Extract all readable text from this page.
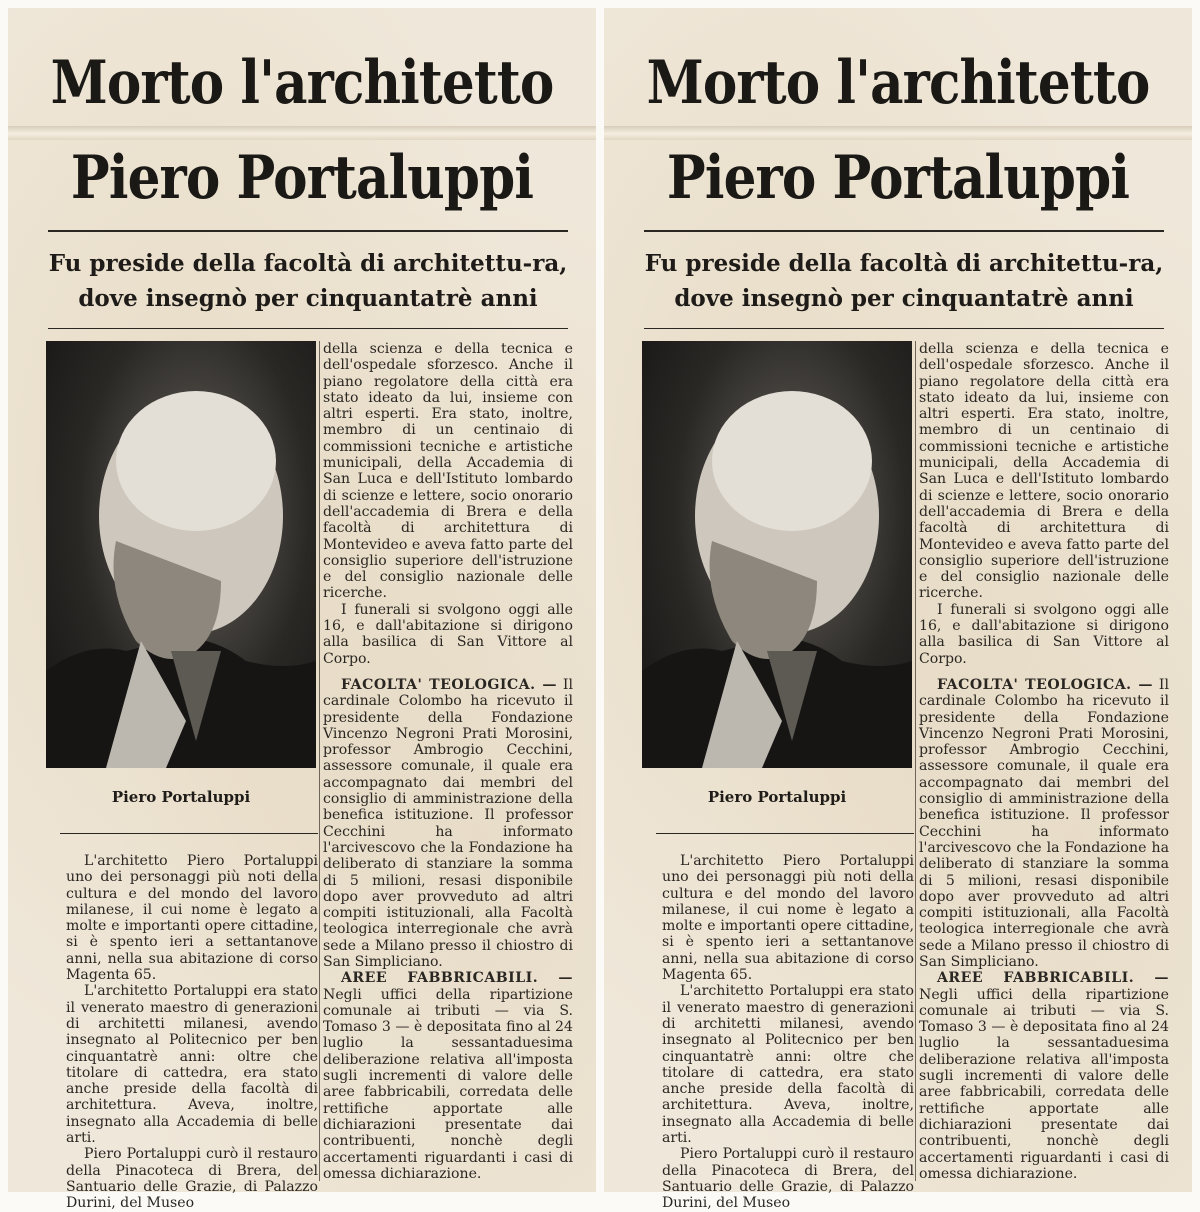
Morto l'architetto
Piero Portaluppi
Fu preside della facoltà di architettu-ra, dove insegnò per cinquantatrè anni
Piero Portaluppi

L'architetto Piero Portaluppi uno dei personaggi più noti della cultura e del mondo del lavoro milanese, il cui nome è legato a molte e importanti opere cittadine, si è spento ieri a settantanove anni, nella sua abitazione di corso Magenta 65.

L'architetto Portaluppi era stato il venerato maestro di generazioni di architetti milanesi, avendo insegnato al Politecnico per ben cinquantatrè anni: oltre che titolare di cattedra, era stato anche preside della facoltà di architettura. Aveva, inoltre, insegnato alla Accademia di belle arti.

Piero Portaluppi curò il restauro della Pinacoteca di Brera, del Santuario delle Grazie, di Palazzo Durini, del Museo

della scienza e della tecnica e dell'ospedale sforzesco. Anche il piano regolatore della città era stato ideato da lui, insieme con altri esperti. Era stato, inoltre, membro di un centinaio di commissioni tecniche e artistiche municipali, della Accademia di San Luca e dell'Istituto lombardo di scienze e lettere, socio onorario dell'accademia di Brera e della facoltà di architettura di Montevideo e aveva fatto parte del consiglio superiore dell'istruzione e del consiglio nazionale delle ricerche.

I funerali si svolgono oggi alle 16, e dall'abitazione si dirigono alla basilica di San Vittore al Corpo.

FACOLTA' TEOLOGICA. — Il cardinale Colombo ha ricevuto il presidente della Fondazione Vincenzo Negroni Prati Morosini, professor Ambrogio Cecchini, assessore comunale, il quale era accompagnato dai membri del consiglio di amministrazione della benefica istituzione. Il professor Cecchini ha informato l'arcivescovo che la Fondazione ha deliberato di stanziare la somma di 5 milioni, resasi disponibile dopo aver provveduto ad altri compiti istituzionali, alla Facoltà teologica interregionale che avrà sede a Milano presso il chiostro di San Simpliciano.

AREE FABBRICABILI. — Negli uffici della ripartizione comunale ai tributi — via S. Tomaso 3 — è depositata fino al 24 luglio la sessantaduesima deliberazione relativa all'imposta sugli incrementi di valore delle aree fabbricabili, corredata delle rettifiche apportate alle dichiarazioni presentate dai contribuenti, nonchè degli accertamenti riguardanti i casi di omessa dichiarazione.

Morto l'architetto
Piero Portaluppi
Fu preside della facoltà di architettu-ra, dove insegnò per cinquantatrè anni
Piero Portaluppi

L'architetto Piero Portaluppi uno dei personaggi più noti della cultura e del mondo del lavoro milanese, il cui nome è legato a molte e importanti opere cittadine, si è spento ieri a settantanove anni, nella sua abitazione di corso Magenta 65.

L'architetto Portaluppi era stato il venerato maestro di generazioni di architetti milanesi, avendo insegnato al Politecnico per ben cinquantatrè anni: oltre che titolare di cattedra, era stato anche preside della facoltà di architettura. Aveva, inoltre, insegnato alla Accademia di belle arti.

Piero Portaluppi curò il restauro della Pinacoteca di Brera, del Santuario delle Grazie, di Palazzo Durini, del Museo

della scienza e della tecnica e dell'ospedale sforzesco. Anche il piano regolatore della città era stato ideato da lui, insieme con altri esperti. Era stato, inoltre, membro di un centinaio di commissioni tecniche e artistiche municipali, della Accademia di San Luca e dell'Istituto lombardo di scienze e lettere, socio onorario dell'accademia di Brera e della facoltà di architettura di Montevideo e aveva fatto parte del consiglio superiore dell'istruzione e del consiglio nazionale delle ricerche.

I funerali si svolgono oggi alle 16, e dall'abitazione si dirigono alla basilica di San Vittore al Corpo.

FACOLTA' TEOLOGICA. — Il cardinale Colombo ha ricevuto il presidente della Fondazione Vincenzo Negroni Prati Morosini, professor Ambrogio Cecchini, assessore comunale, il quale era accompagnato dai membri del consiglio di amministrazione della benefica istituzione. Il professor Cecchini ha informato l'arcivescovo che la Fondazione ha deliberato di stanziare la somma di 5 milioni, resasi disponibile dopo aver provveduto ad altri compiti istituzionali, alla Facoltà teologica interregionale che avrà sede a Milano presso il chiostro di San Simpliciano.

AREE FABBRICABILI. — Negli uffici della ripartizione comunale ai tributi — via S. Tomaso 3 — è depositata fino al 24 luglio la sessantaduesima deliberazione relativa all'imposta sugli incrementi di valore delle aree fabbricabili, corredata delle rettifiche apportate alle dichiarazioni presentate dai contribuenti, nonchè degli accertamenti riguardanti i casi di omessa dichiarazione.
